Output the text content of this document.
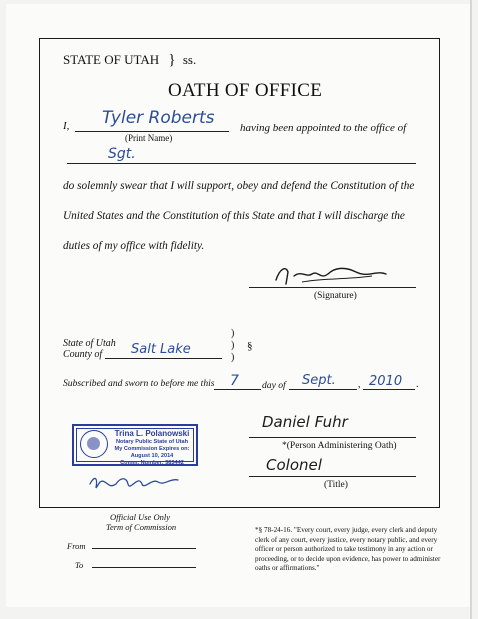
STATE OF UTAH } ss.
OATH OF OFFICE
I, Tyler Roberts
(Print Name)
having been appointed to the office of
Sgt.
do solemnly swear that I will support, obey and defend the Constitution of the
United States and the Constitution of this State and that I will discharge the
duties of my office with fidelity.
(Signature)
State of Utah
County of Salt Lake
)
)
)
§
Subscribed and sworn to before me this 7 day of Sept. , 2010 .
Trina L. Polanowski
Notary Public State of Utah
My Commission Expires on:
August 10, 2014
Comm. Number: 583442
Daniel Fuhr
*(Person Administering Oath)
Colonel
(Title)
Official Use Only
Term of Commission
From
To
*§ 78-24-16. "Every court, every judge, every clerk and deputy clerk of any court, every justice, every notary public, and every officer or person authorized to take testimony in any action or proceeding, or to decide upon evidence, has power to administer oaths or affirmations."
